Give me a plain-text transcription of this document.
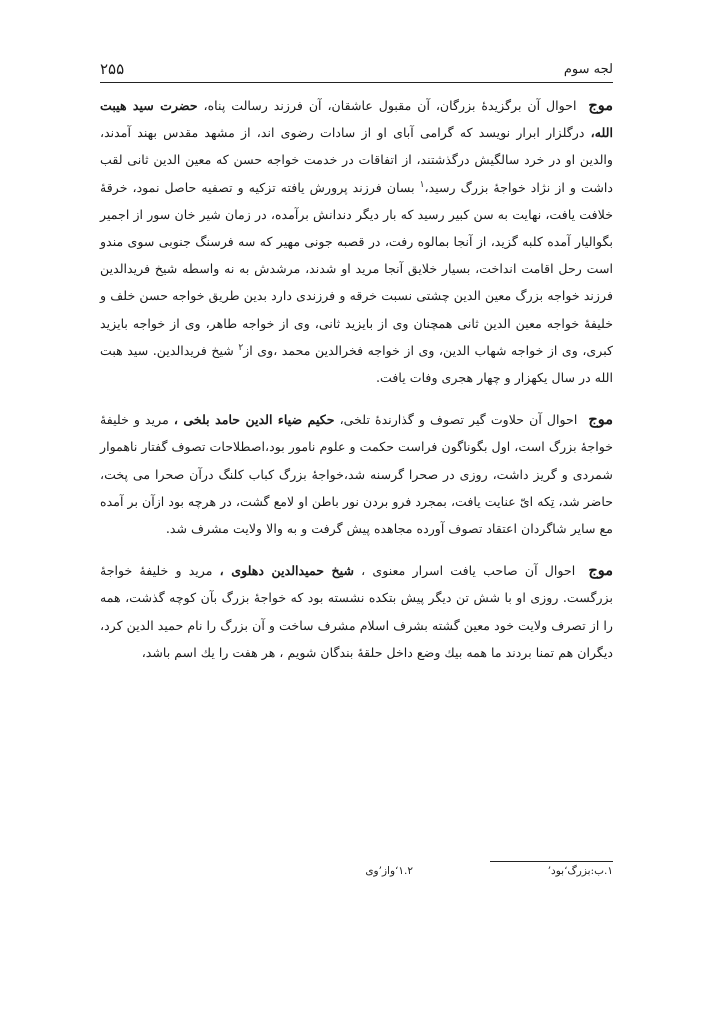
لجه سوم
۲۵۵

موج احوال آن برگزیدهٔ بزرگان، آن مقبول عاشقان، آن فرزند رسالت پناه، حضرت سید هیبت الله، درگلزار ابرار نویسد که گرامی آبای او از سادات رضوی اند، از مشهد مقدس بهند آمدند، والدین او در خرد سالگیش درگذشتند، از اتفاقات در خدمت خواجه حسن که معین الدین ثانی لقب داشت و از نژاد خواجهٔ بزرگ رسید،$^۱$ بسان فرزند پرورش یافته تزکیه و تصفیه حاصل نمود، خرقهٔ خلافت یافت، نهایت به سن کبیر رسید که بار دیگر دندانش برآمده، در زمان شیر خان سور از اجمیر بگوالیار آمده کلبه گزید، از آنجا بمالوه رفت، در قصبه جونی مهیر که سه فرسنگ جنوبی سوی مندو است رحل اقامت انداخت، بسیار خلایق آنجا مرید او شدند، مرشدش به نه واسطه شیخ فریدالدین فرزند خواجه بزرگ معین الدین چشتی نسبت خرقه و فرزندی دارد بدین طریق خواجه حسن خلف و خلیفهٔ خواجه معین الدین ثانی همچنان وی از بایزید ثانی، وی از خواجه طاهر، وی از خواجه بایزید کبری، وی از خواجه شهاب الدین، وی از خواجه فخرالدین محمد ،وی از$^۲$ شیخ فریدالدین. سید هبت الله در سال یکهزار و چهار هجری وفات یافت.

موج احوال آن حلاوت گیر تصوف و گذارندهٔ تلخی، حکیم ضیاء الدین حامد بلخی ، مرید و خلیفهٔ خواجهٔ بزرگ است، اول بگوناگون فراست حکمت و علوم نامور بود،اصطلاحات تصوف گفتار ناهموار شمردی و گریز داشت، روزی در صحرا گرسنه شد،خواجهٔ بزرگ کباب کلنگ درآن صحرا می پخت، حاضر شد، تِکه ایّ عنایت یافت، بمجرد فرو بردن نور باطن او لامع گشت، در هرچه بود ازآن بر آمده مع سایر شاگردان اعتقاد تصوف آورده مجاهده پیش گرفت و به والا ولایت مشرف شد.

موج احوال آن صاحب یافت اسرار معنوی ، شیخ حمیدالدین دهلوی ، مرید و خلیفهٔ خواجهٔ بزرگست. روزی او با شش تن دیگر پیش بتکده نشسته بود که خواجهٔ بزرگ بآن کوچه گذشت، همه را از تصرف ولایت خود معین گشته بشرف اسلام مشرف ساخت و آن بزرگ را نام حمید الدین کرد، دیگران هم تمنا بردند ما همه بیك وضع داخل حلقهٔ بندگان شویم ، هر هفت را یك اسم باشد،

۱.ب:بزرگ‘بود’
۱.۲‘واز’وی
